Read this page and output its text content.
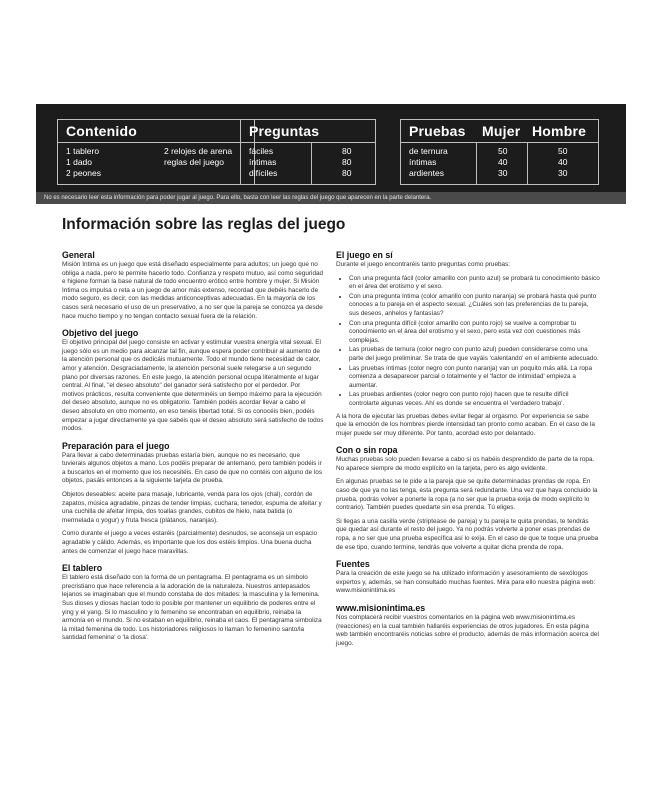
Contenido
1 tablero
1 dado
2 peones
2 relojes de arena
reglas del juego
Preguntas
fáciles
íntimas
difíciles
80
80
80
Pruebas Mujer Hombre
de ternura
íntimas
ardientes
50
40
30
50
40
30
No es necesario leer esta información para poder jugar al juego. Para ello, basta con leer las reglas del juego que aparecen en la parte delantera.
Información sobre las reglas del juego
General

Misión Intima es un juego que está diseñado especialmente para adultos; un juego que no obliga a nada, pero te permite hacerlo todo. Confianza y respeto mutuo, así como seguridad e higiene forman la base natural de todo encuentro erótico entre hombre y mujer. Si Misión Intima os impulsa o reta a un juego de amor más extenso, recordad que debéis hacerlo de modo seguro, es decir, con las medidas anticonceptivas adecuadas. En la mayoría de los casos será necesario el uso de un preservativo, a no ser que la pareja se conozca ya desde hace mucho tiempo y no tengan contacto sexual fuera de la relación.

Objetivo del juego

El objetivo principal del juego consiste en activar y estimular vuestra energía vital sexual. El juego sólo es un medio para alcanzar tal fin, aunque espera poder contribuir al aumento de la atención personal que os dedicáis mutuamente. Todo el mundo tiene necesidad de calor, amor y atención. Desgraciadamente, la atención personal suele relegarse a un segundo plano por diversas razones. En este juego, la atención personal ocupa literalmente el lugar central. Al final, "el deseo absoluto" del ganador será satisfecho por el perdedor. Por motivos prácticos, resulta conveniente que determinéis un tiempo máximo para la ejecución del deseo absoluto, aunque no es obligatorio. También podéis acordar llevar a cabo el deseo absoluto en otro momento, en eso tenéis libertad total. Si os conocéis bien, podéis empezar a jugar directamente ya que sabéis que el deseo absoluto será satisfecho de todos modos.

Preparación para el juego

Para llevar a cabo determinadas pruebas estaría bien, aunque no es necesario, que tuvierais algunos objetos a mano. Los podéis preparar de antemano, pero también podéis ir a buscarlos en el momento que los necesitéis. En caso de que no contéis con alguno de los objetos, pasáis entonces a la siguiente tarjeta de prueba.

Objetos deseables: aceite para masaje, lubricante, venda para los ojos (chal), cordón de zapatos, música agradable, pinzas de tender limpias, cuchara, tenedor, espuma de afeitar y una cuchilla de afeitar limpia, dos toallas grandes, cubitos de hielo, nata batida (o mermelada o yogur) y fruta fresca (plátanos, naranjas).

Como durante el juego a veces estaréis (parcialmente) desnudos, se aconseja un espacio agradable y cálido. Además, es importante que los dos estéis limpios. Una buena ducha antes de comenzar el juego hace maravillas.

El tablero

El tablero está diseñado con la forma de un pentagrama. El pentagrama es un símbolo precristiano que hace referencia a la adoración de la naturaleza. Nuestros antepasados lejanos se imaginaban que el mundo constaba de dos mitades: la masculina y la femenina. Sus dioses y diosas hacían todo lo posible por mantener un equilibrio de poderes entre el ying y el yang. Si lo masculino y lo femenino se encontraban en equilibrio, reinaba la armonía en el mundo. Si no estaban en equilibrio, reinaba el caos. El pentagrama simboliza la mitad femenina de todo. Los historiadores religiosos lo llaman 'lo femenino santo/la santidad femenina' o 'la diosa'.

El juego en sí

Durante el juego encontraréis tanto preguntas como pruebas:

• Con una pregunta fácil (color amarillo con punto azul) se probará tu conocimiento básico en el área del erotismo y el sexo.
• Con una pregunta íntima (color amarillo con punto naranja) se probará hasta qué punto conoces a tu pareja en el aspecto sexual. ¿Cuáles son las preferencias de tu pareja, sus deseos, anhelos y fantasías?
• Con una pregunta difícil (color amarillo con punto rojo) se vuelve a comprobar tu conocimiento en el área del erotismo y el sexo, pero esta vez con cuestiones más complejas.
• Las pruebas de ternura (color negro con punto azul) pueden considerarse como una parte del juego preliminar. Se trata de que vayáis 'calentando' en el ambiente adecuado.
• Las pruebas íntimas (color negro con punto naranja) van un poquito más allá. La ropa comienza a desaparecer parcial o totalmente y el 'factor de intimidad' empieza a aumentar.
• Las pruebas ardientes (color negro con punto rojo) hacen que te resulte difícil controlarte algunas veces. Ahí es donde se encuentra el 'verdadero trabajo'.

A la hora de ejecutar las pruebas debes evitar llegar al orgasmo. Por experiencia se sabe que la emoción de los hombres pierde intensidad tan pronto como acaban. En el caso de la mujer puede ser muy diferente. Por tanto, acordad esto por delantado.

Con o sin ropa

Muchas pruebas solo pueden llevarse a cabo si os habéis desprendido de parte de la ropa. No aparece siempre de modo explícito en la tarjeta, pero es algo evidente.

En algunas pruebas se le pide a la pareja que se quite determinadas prendas de ropa. En caso de que ya no las tenga, esta pregunta será redundante. Una vez que haya concluido la prueba, podrás volver a ponerte la ropa (a no ser que la prueba exija de modo explícito lo contrario). También puedes quedarte sin esa prenda. Tú eliges.

Si llegas a una casilla verde (striptease de pareja) y tu pareja te quita prendas, te tendrás que quedar así durante el resto del juego. Ya no podrás volverte a poner esas prendas de ropa, a no ser que una prueba específica así lo exija. En el caso de que te toque una prueba de ese tipo, cuando termine, tendrás que volverte a quitar dicha prenda de ropa.

Fuentes

Para la creación de este juego se ha utilizado información y asesoramiento de sexólogos expertos y, además, se han consultado muchas fuentes. Mira para ello nuestra página web: www.misionintima.es

www.misionintima.es

Nos complacerá recibir vuestros comentarios en la página web www.misionintima.es (reacciones) en la cual también hallaréis experiencias de otros jugadores. En esta página web también encontraréis noticias sobre el producto, además de más información acerca del juego.
